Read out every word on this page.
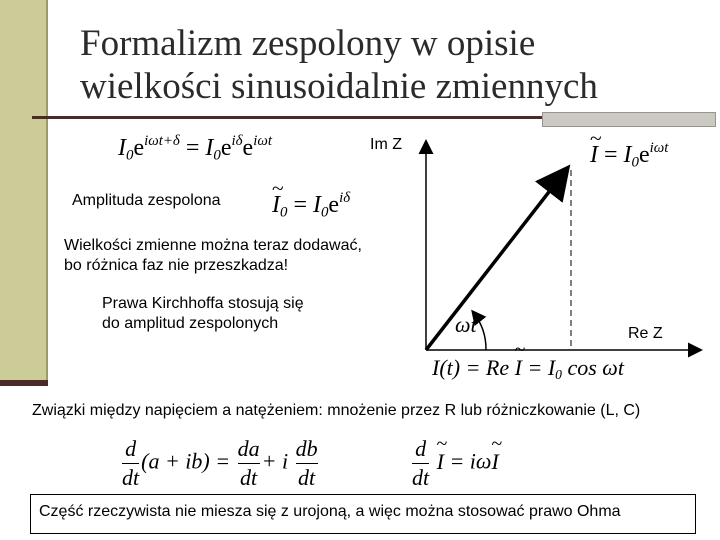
Formalizm zespolony w opisie
wielkości sinusoidalnie zmiennych
Im Z
Re Z
ωt
$I_0e^{i\omega t+\delta} = I_0e^{i\delta}e^{i\omega t}$
~ $I = I_0e^{i\omega t}$
Amplituda zespolona ~ $I_0 = I_0e^{i\delta}$
Wielkości zmienne można teraz dodawać,
bo różnica faz nie przeszkadza!
Prawa Kirchhoffa stosują się
do amplitud zespolonych
I(t) = Re ~ $I = I_0$ cos ωt
Związki między napięciem a natężeniem: mnożenie przez R lub różniczkowanie (L, C)
$\frac{d}{dt} (a + ib) = \frac{da}{dt} + i \frac{db}{dt}$	$\frac{d}{dt}$ ~ I = iω~ I
Część rzeczywista nie miesza się z urojoną, a więc można stosować prawo Ohma
